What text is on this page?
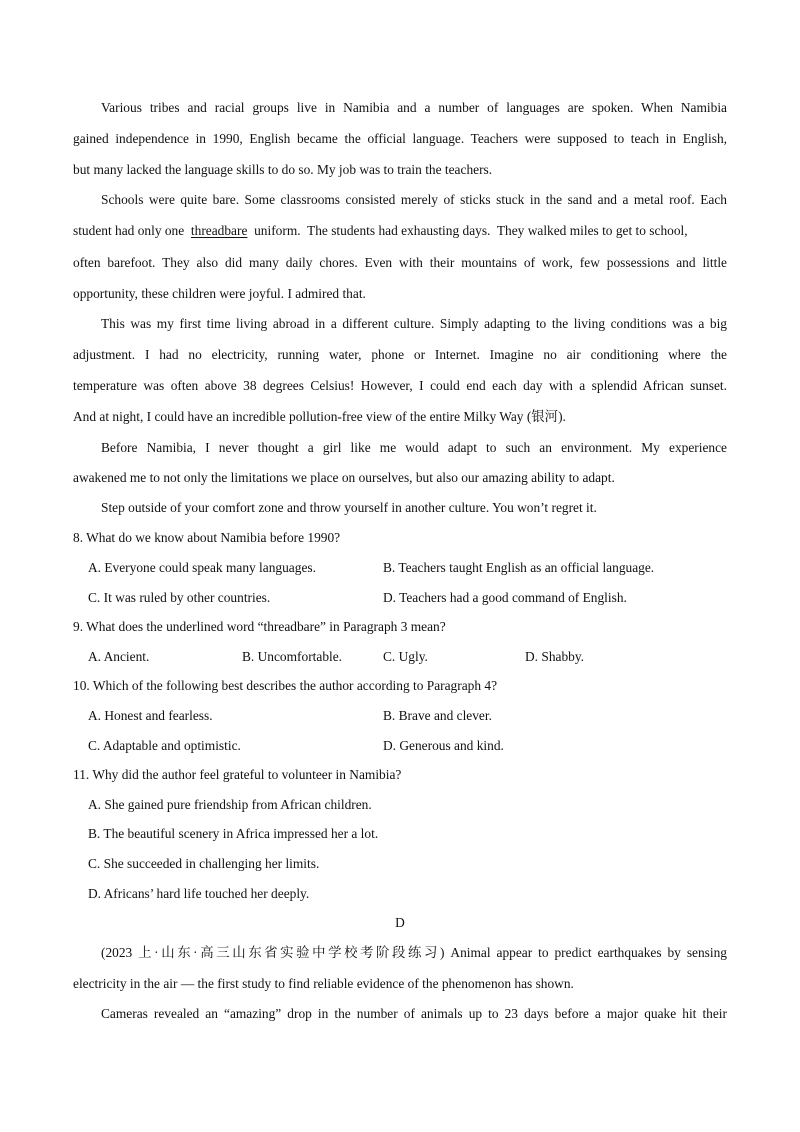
Various tribes and racial groups live in Namibia and a number of languages are spoken. When Namibia
gained independence in 1990, English became the official language. Teachers were supposed to teach in English,
but many lacked the language skills to do so. My job was to train the teachers.
Schools were quite bare. Some classrooms consisted merely of sticks stuck in the sand and a metal roof. Each
student had only one  threadbare  uniform.  The students had exhausting days.  They walked miles to get to school,
often barefoot. They also did many daily chores. Even with their mountains of work, few possessions and little
opportunity, these children were joyful. I admired that.
This was my first time living abroad in a different culture. Simply adapting to the living conditions was a big
adjustment. I had no electricity, running water, phone or Internet. Imagine no air conditioning where the
temperature was often above 38 degrees Celsius! However, I could end each day with a splendid African sunset.
And at night, I could have an incredible pollution-free view of the entire Milky Way (银河).
Before Namibia, I never thought a girl like me would adapt to such an environment. My experience
awakened me to not only the limitations we place on ourselves, but also our amazing ability to adapt.
Step outside of your comfort zone and throw yourself in another culture. You won’t regret it.
8. What do we know about Namibia before 1990?
A. Everyone could speak many languages.	B. Teachers taught English as an official language.
C. It was ruled by other countries.	D. Teachers had a good command of English.
9. What does the underlined word “threadbare” in Paragraph 3 mean?
A. Ancient.	B. Uncomfortable.	C. Ugly.	D. Shabby.
10. Which of the following best describes the author according to Paragraph 4?
A. Honest and fearless.	B. Brave and clever.
C. Adaptable and optimistic.	D. Generous and kind.
11. Why did the author feel grateful to volunteer in Namibia?
A. She gained pure friendship from African children.
B. The beautiful scenery in Africa impressed her a lot.
C. She succeeded in challenging her limits.
D. Africans’ hard life touched her deeply.
D
(2023 上·山东·高三山东省实验中学校考阶段练习) Animal appear to predict earthquakes by sensing
electricity in the air — the first study to find reliable evidence of the phenomenon has shown.
Cameras revealed an “amazing” drop in the number of animals up to 23 days before a major quake hit their
